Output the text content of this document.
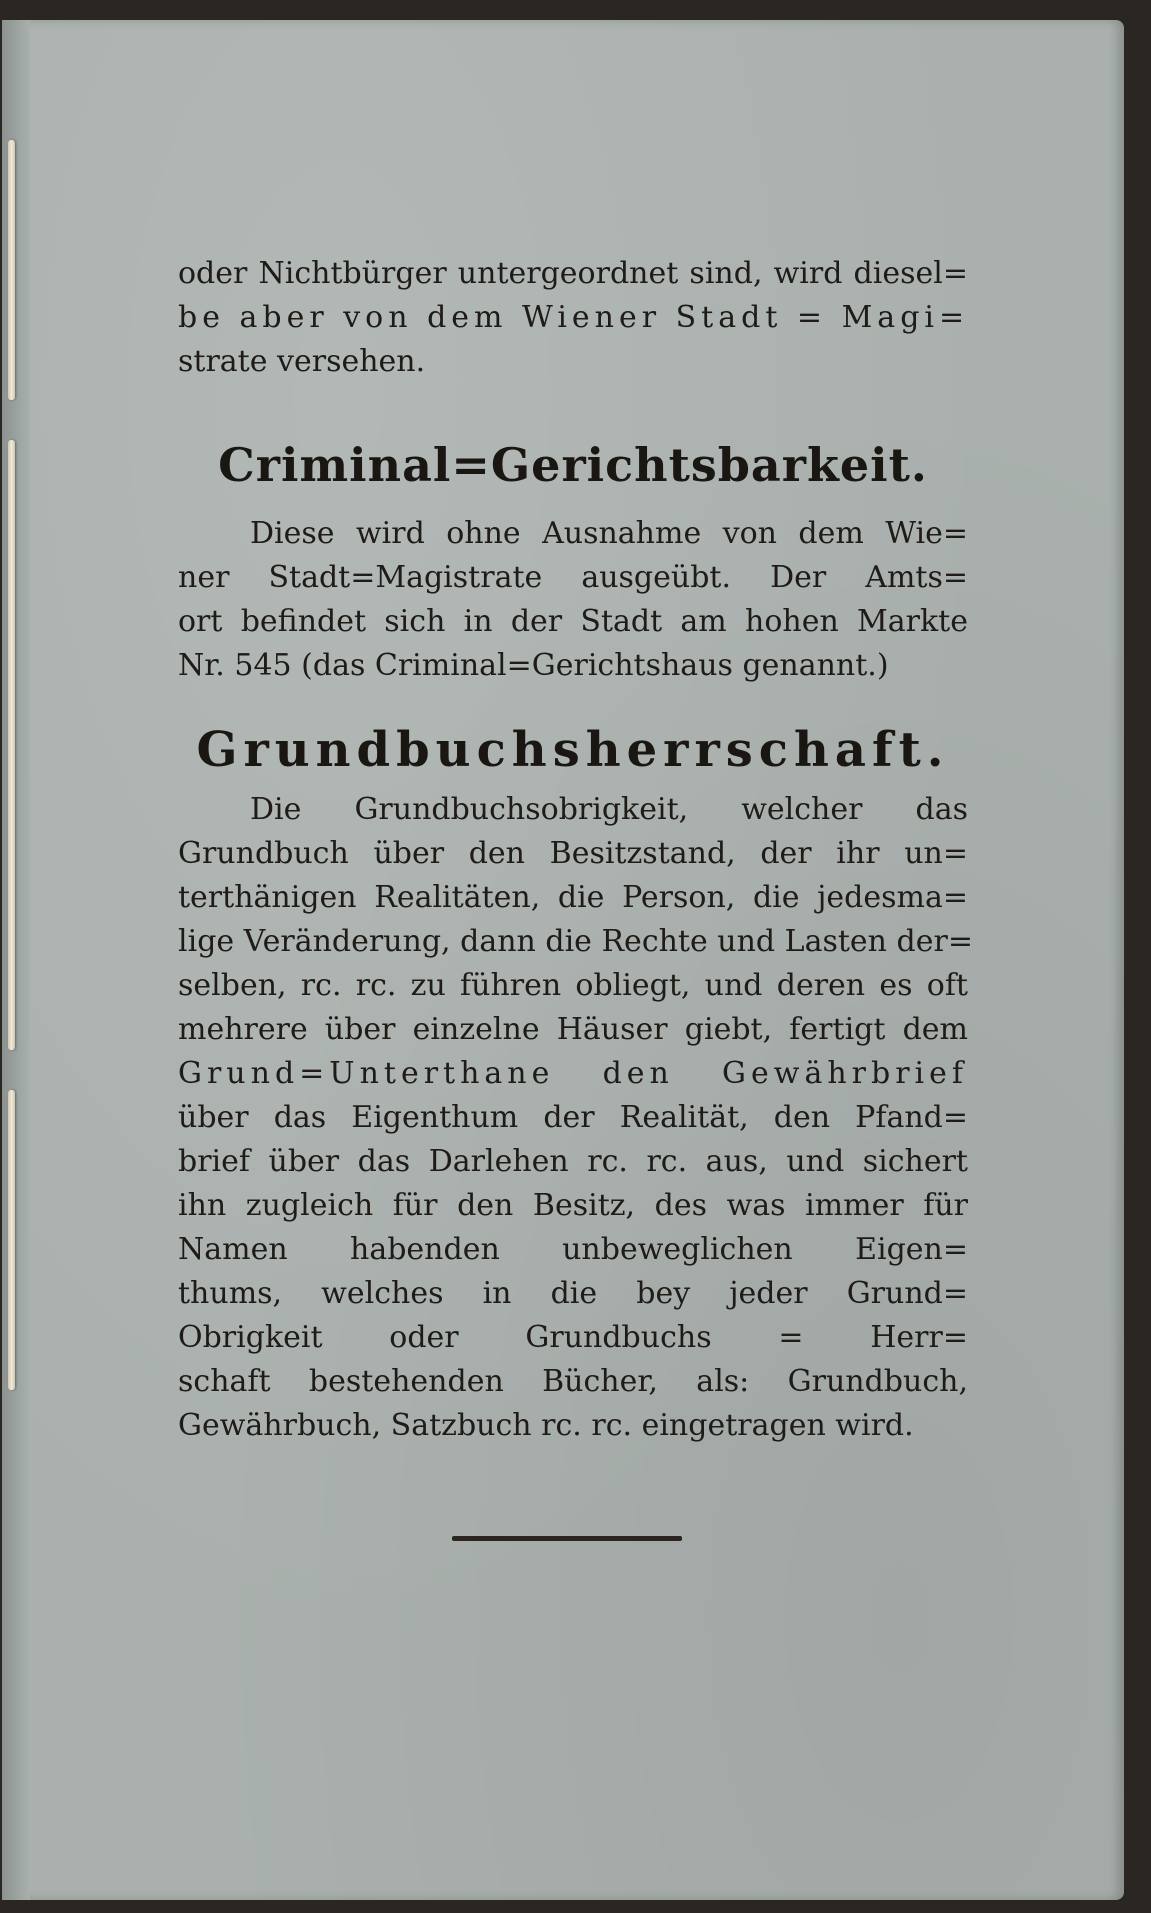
oder Nichtbürger untergeordnet sind, wird diesel=
be aber von dem Wiener Stadt = Magi=
strate versehen.
Criminal=Gerichtsbarkeit.
Diese wird ohne Ausnahme von dem Wie=
ner Stadt=Magistrate ausgeübt. Der Amts=
ort befindet sich in der Stadt am hohen Markte
Nr. 545 (das Criminal=Gerichtshaus genannt.)
Grundbuchsherrschaft.
Die Grundbuchsobrigkeit, welcher das
Grundbuch über den Besitzstand, der ihr un=
terthänigen Realitäten, die Person, die jedesma=
lige Veränderung, dann die Rechte und Lasten der=
selben, rc. rc. zu führen obliegt, und deren es oft
mehrere über einzelne Häuser giebt, fertigt dem
Grund=Unterthane den Gewährbrief
über das Eigenthum der Realität, den Pfand=
brief über das Darlehen rc. rc. aus, und sichert
ihn zugleich für den Besitz, des was immer für
Namen habenden unbeweglichen Eigen=
thums, welches in die bey jeder Grund=
Obrigkeit oder Grundbuchs = Herr=
schaft bestehenden Bücher, als: Grundbuch,
Gewährbuch, Satzbuch rc. rc. eingetragen wird.
